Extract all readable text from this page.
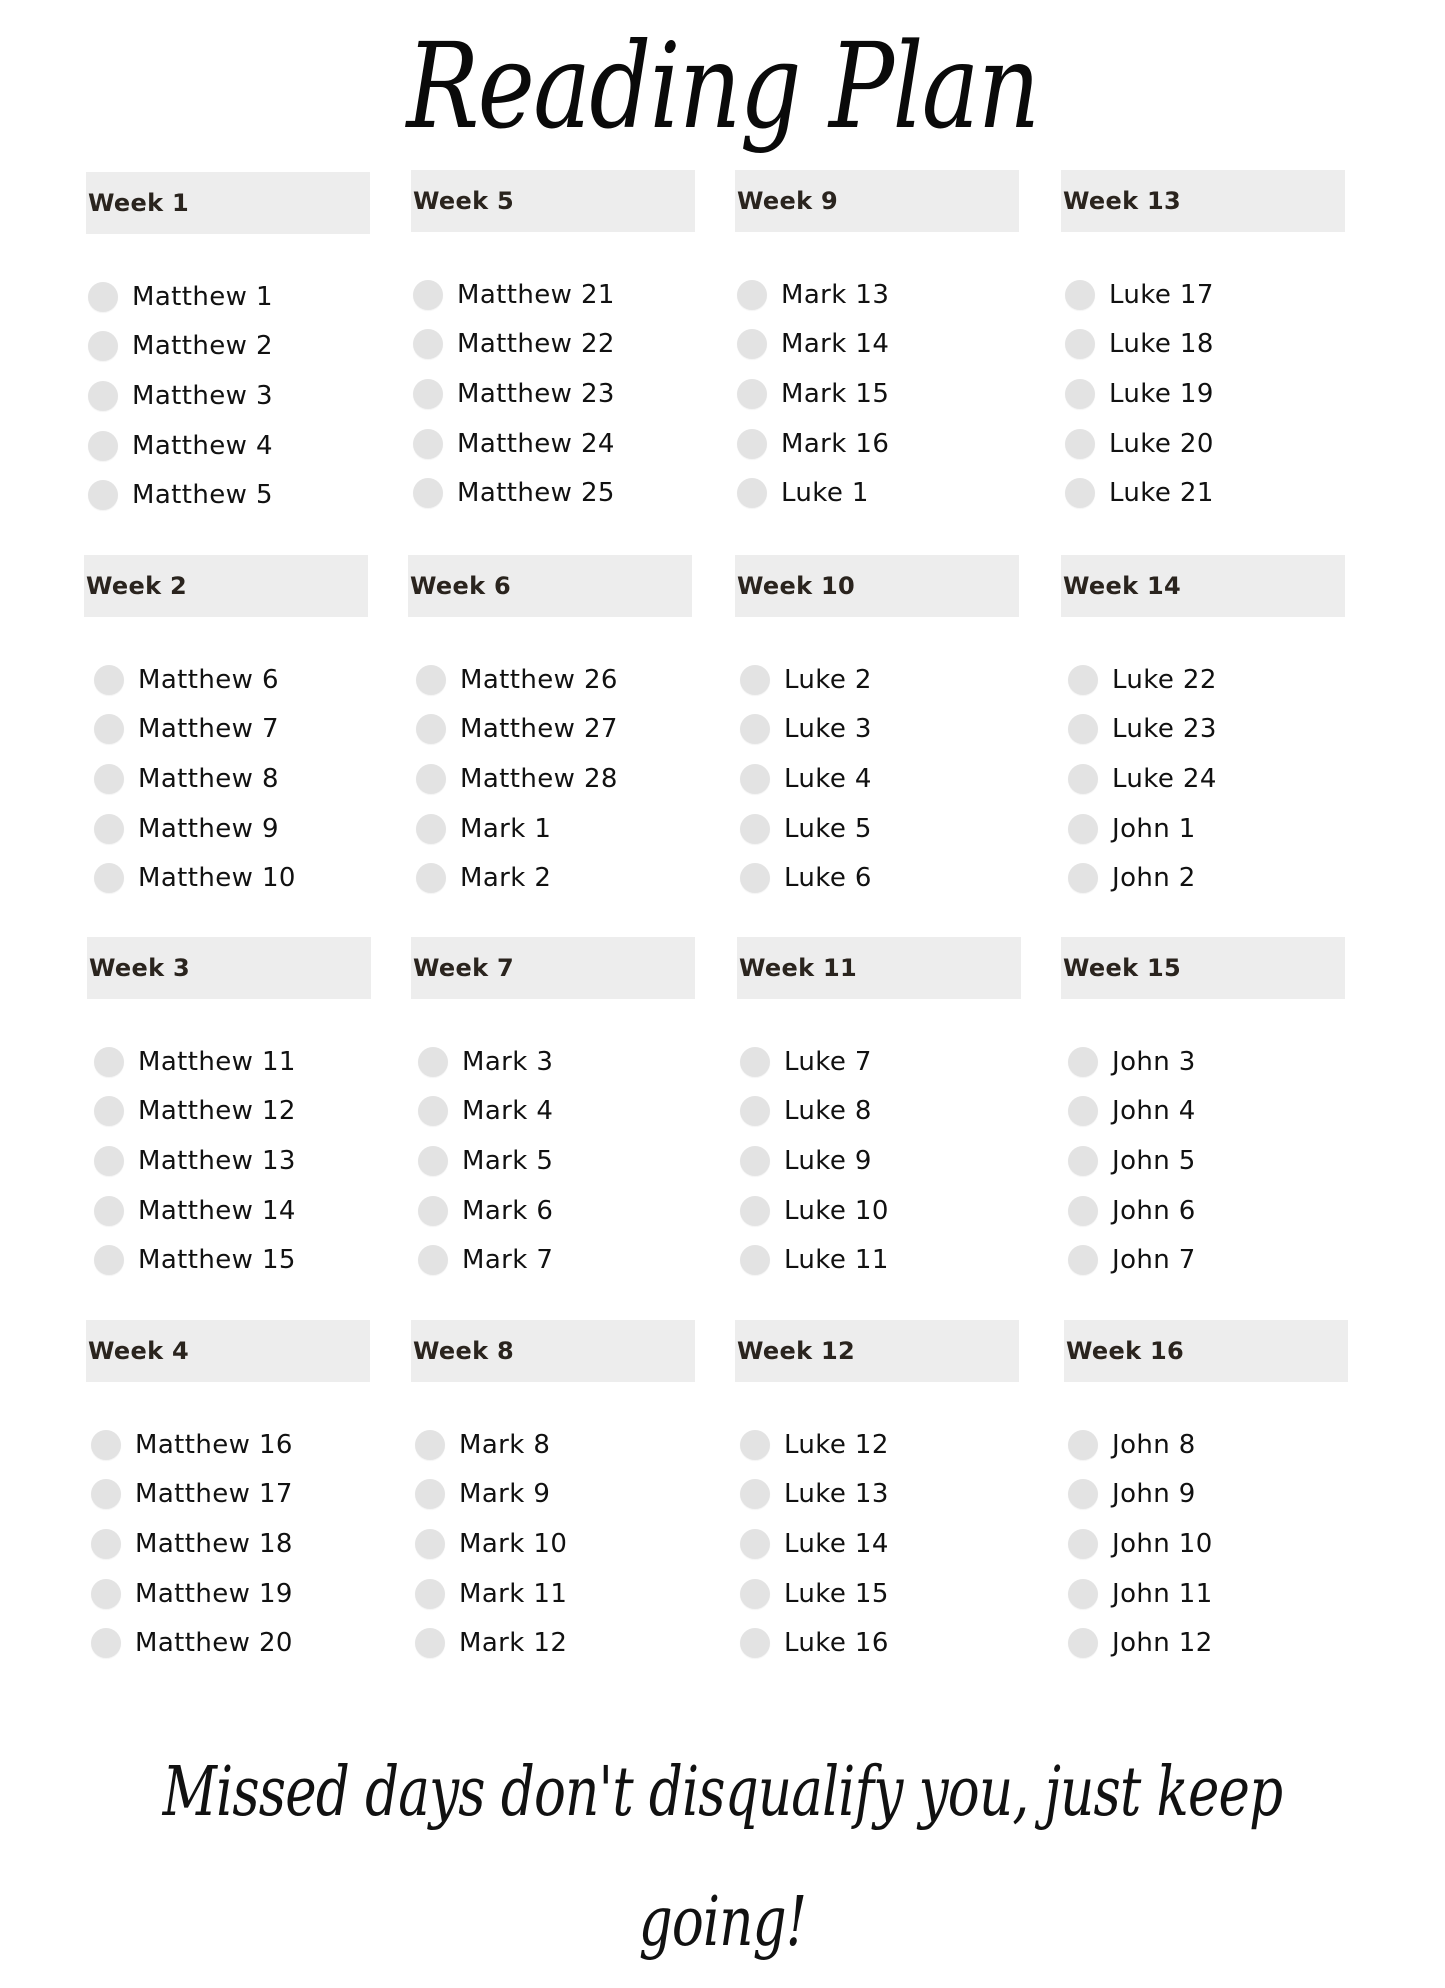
Reading Plan
Week 1
Matthew 1
Matthew 2
Matthew 3
Matthew 4
Matthew 5
Week 2
Matthew 6
Matthew 7
Matthew 8
Matthew 9
Matthew 10
Week 3
Matthew 11
Matthew 12
Matthew 13
Matthew 14
Matthew 15
Week 4
Matthew 16
Matthew 17
Matthew 18
Matthew 19
Matthew 20
Week 5
Matthew 21
Matthew 22
Matthew 23
Matthew 24
Matthew 25
Week 6
Matthew 26
Matthew 27
Matthew 28
Mark 1
Mark 2
Week 7
Mark 3
Mark 4
Mark 5
Mark 6
Mark 7
Week 8
Mark 8
Mark 9
Mark 10
Mark 11
Mark 12
Week 9
Mark 13
Mark 14
Mark 15
Mark 16
Luke 1
Week 10
Luke 2
Luke 3
Luke 4
Luke 5
Luke 6
Week 11
Luke 7
Luke 8
Luke 9
Luke 10
Luke 11
Week 12
Luke 12
Luke 13
Luke 14
Luke 15
Luke 16
Week 13
Luke 17
Luke 18
Luke 19
Luke 20
Luke 21
Week 14
Luke 22
Luke 23
Luke 24
John 1
John 2
Week 15
John 3
John 4
John 5
John 6
John 7
Week 16
John 8
John 9
John 10
John 11
John 12
Missed days don't disqualify you, just keep going!
